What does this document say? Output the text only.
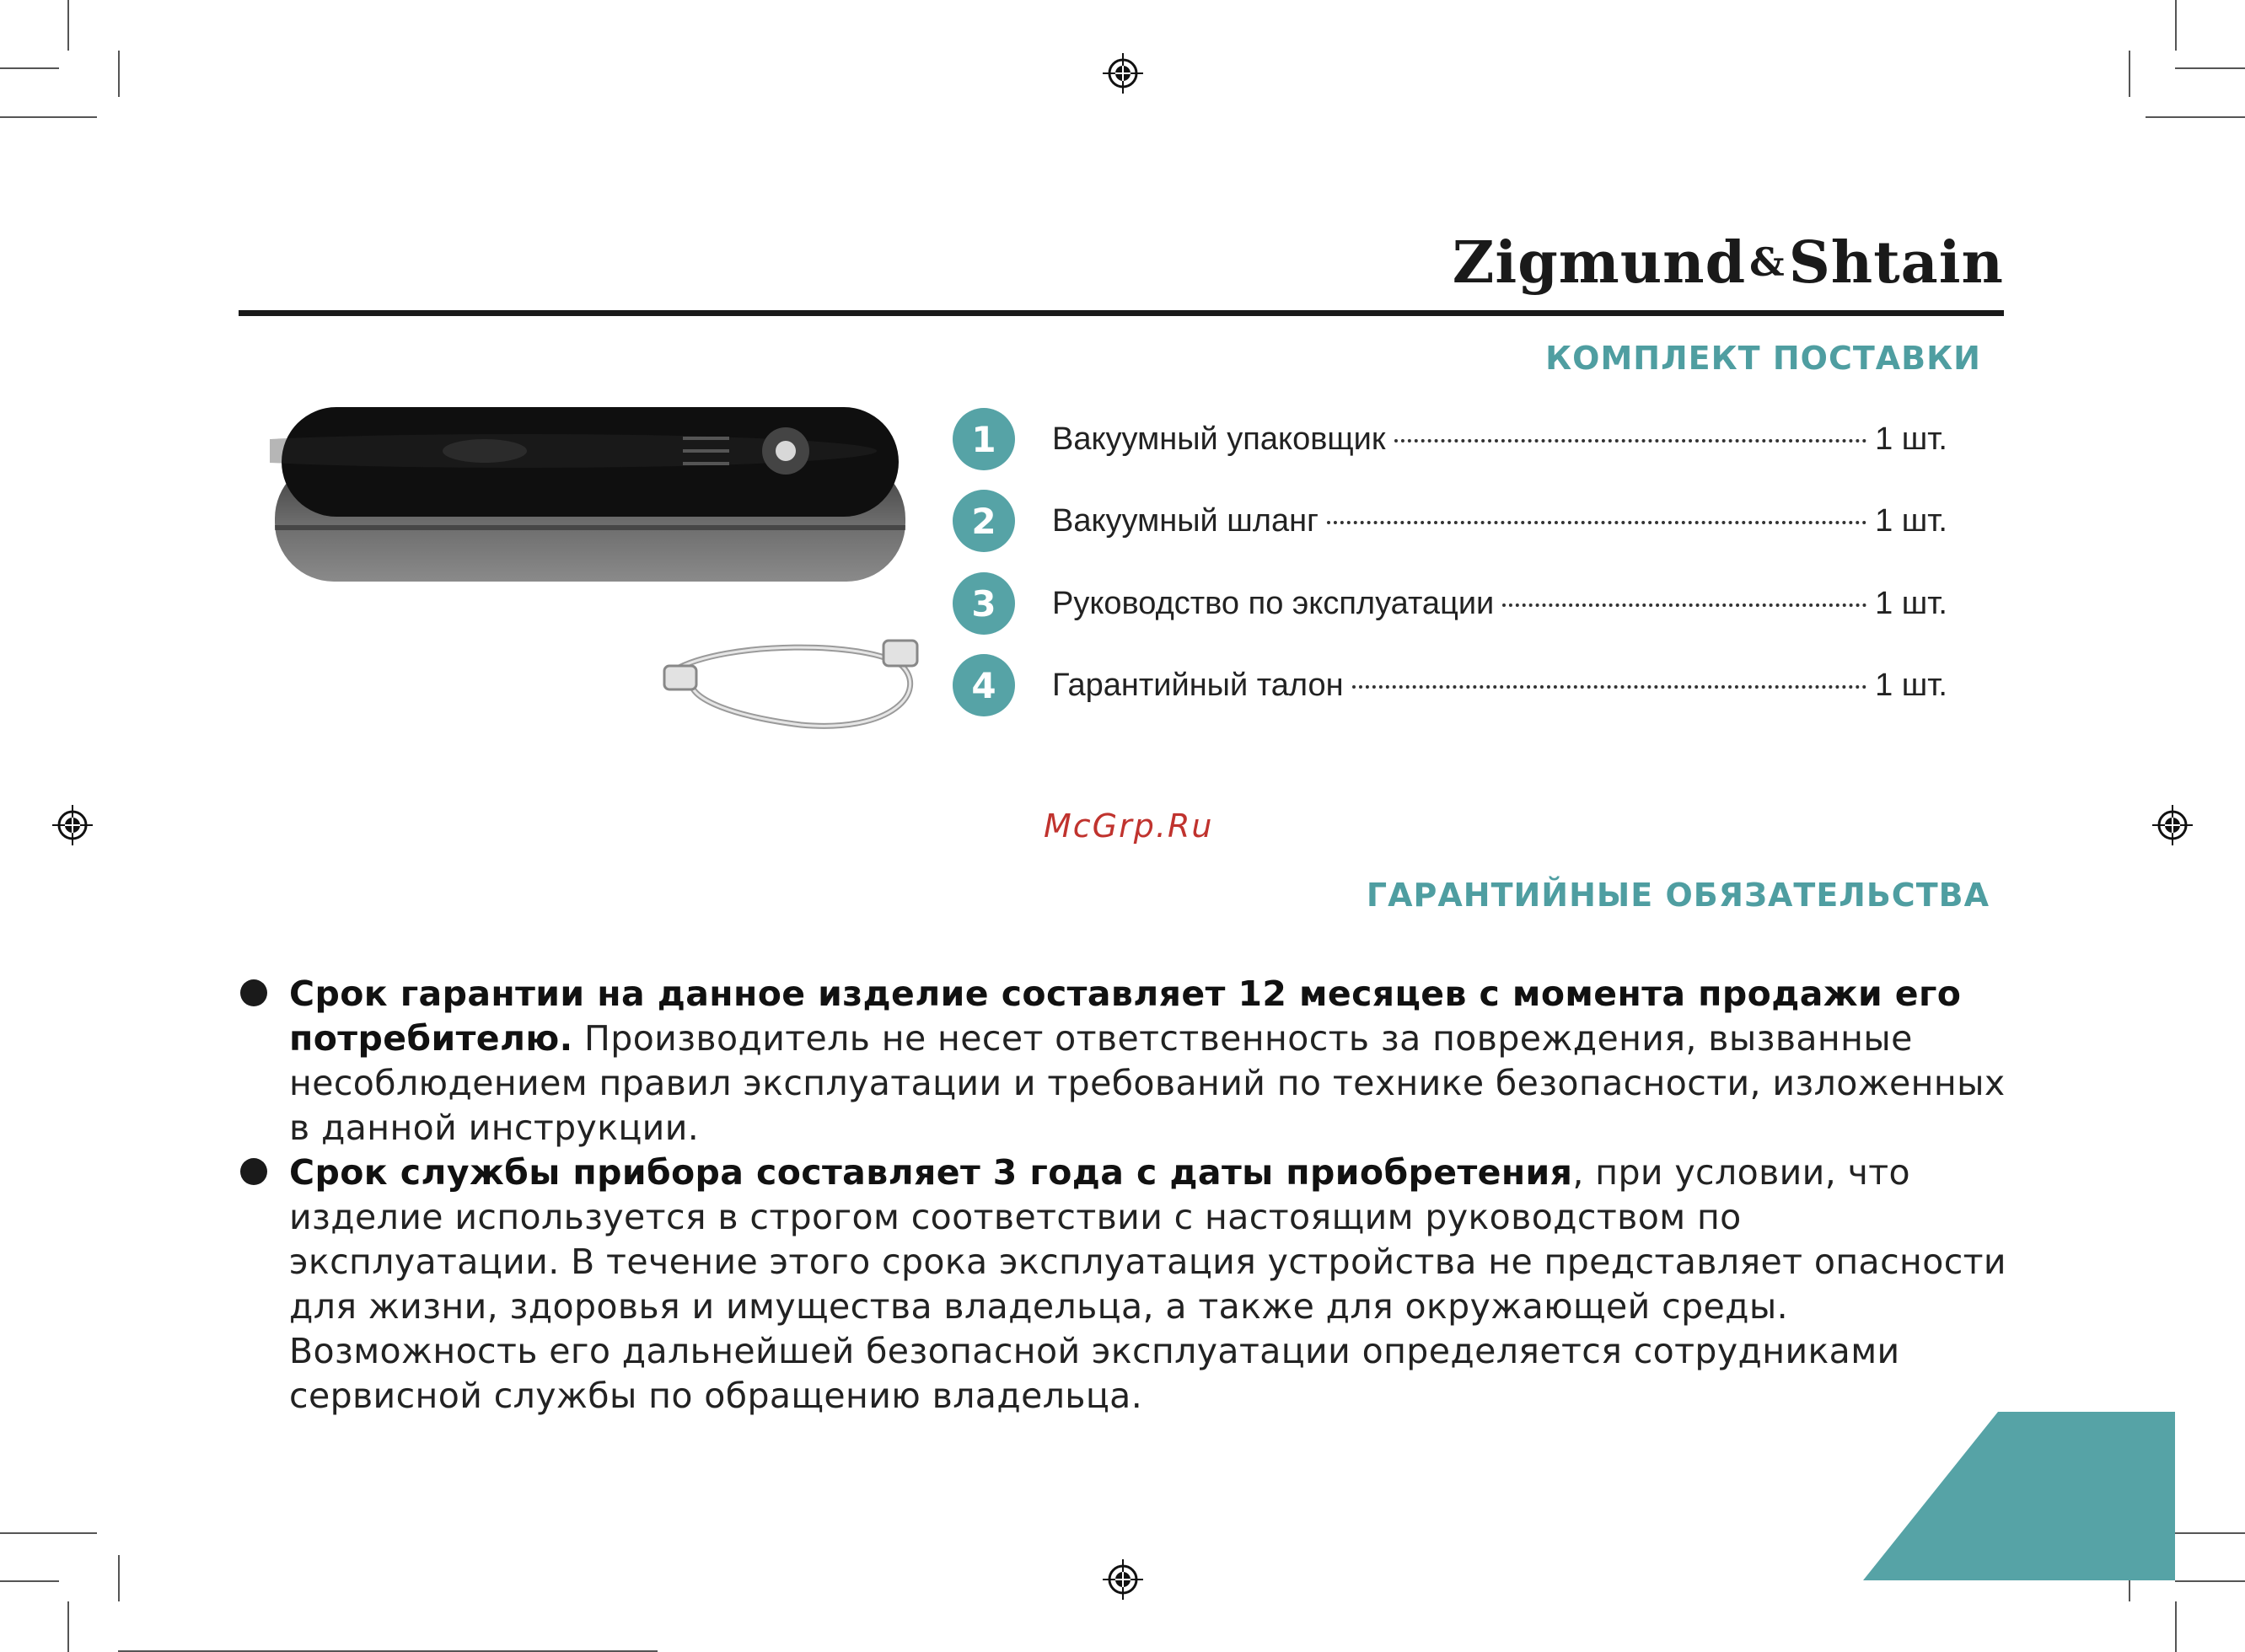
Zigmund&Shtain
КОМПЛЕКТ ПОСТАВКИ
1	Вакуумный упаковщик	1 шт.
2	Вакуумный шланг	1 шт.
3	Руководство по эксплуатации	1 шт.
4	Гарантийный талон	1 шт.
McGrp.Ru
ГАРАНТИЙНЫЕ ОБЯЗАТЕЛЬСТВА
Срок гарантии на данное изделие составляет 12 месяцев с момента продажи его потребителю. Производитель не несет ответственность за повреждения, вызванные несоблюдением правил эксплуатации и требований по технике безопасности, изложенных в данной инструкции.
Срок службы прибора составляет 3 года с даты приобретения, при условии, что изделие используется в строгом соответствии с настоящим руководством по эксплуатации. В течение этого срока эксплуатация устройства не представляет опасности для жизни, здоровья и имущества владельца, а также для окружающей среды. Возможность его дальнейшей безопасной эксплуатации определяется сотрудниками сервисной службы по обращению владельца.
